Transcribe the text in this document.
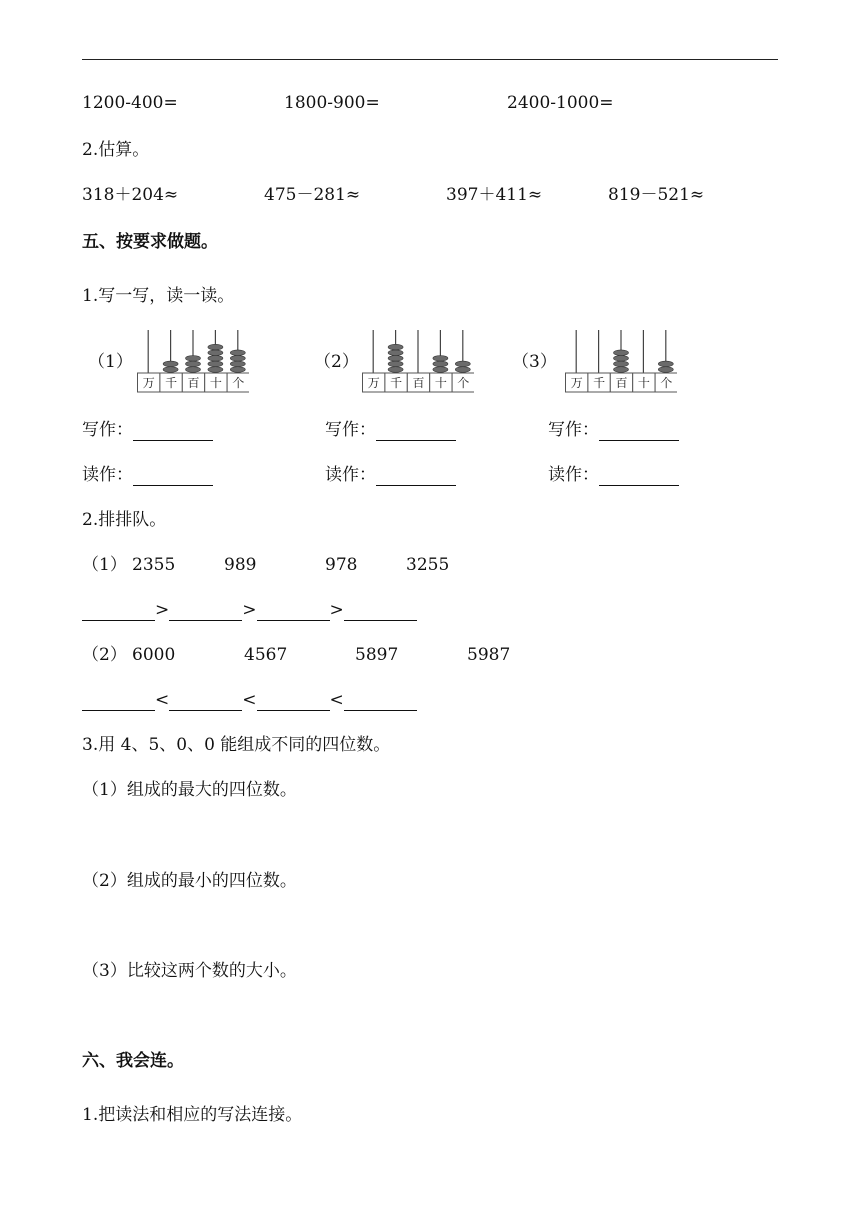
1200-400=	1800-900=	2400-1000=
2.估算。
318＋204≈	475－281≈	397＋411≈	819－521≈
五、按要求做题。
1.写一写，读一读。
（1）	（2）	（3）
万 千 百 十 个	万 千 百 十 个	万 千 百 十 个
写作：	写作：	写作：
读作：	读作：	读作：
2.排排队。
（1） 2355	989	978	3255
>	>	>
（2） 6000	4567	5897	5987
<	<	<
3.用 4、5、0、0 能组成不同的四位数。
（1）组成的最大的四位数。
（2）组成的最小的四位数。
（3）比较这两个数的大小。
六、我会连。
1.把读法和相应的写法连接。
